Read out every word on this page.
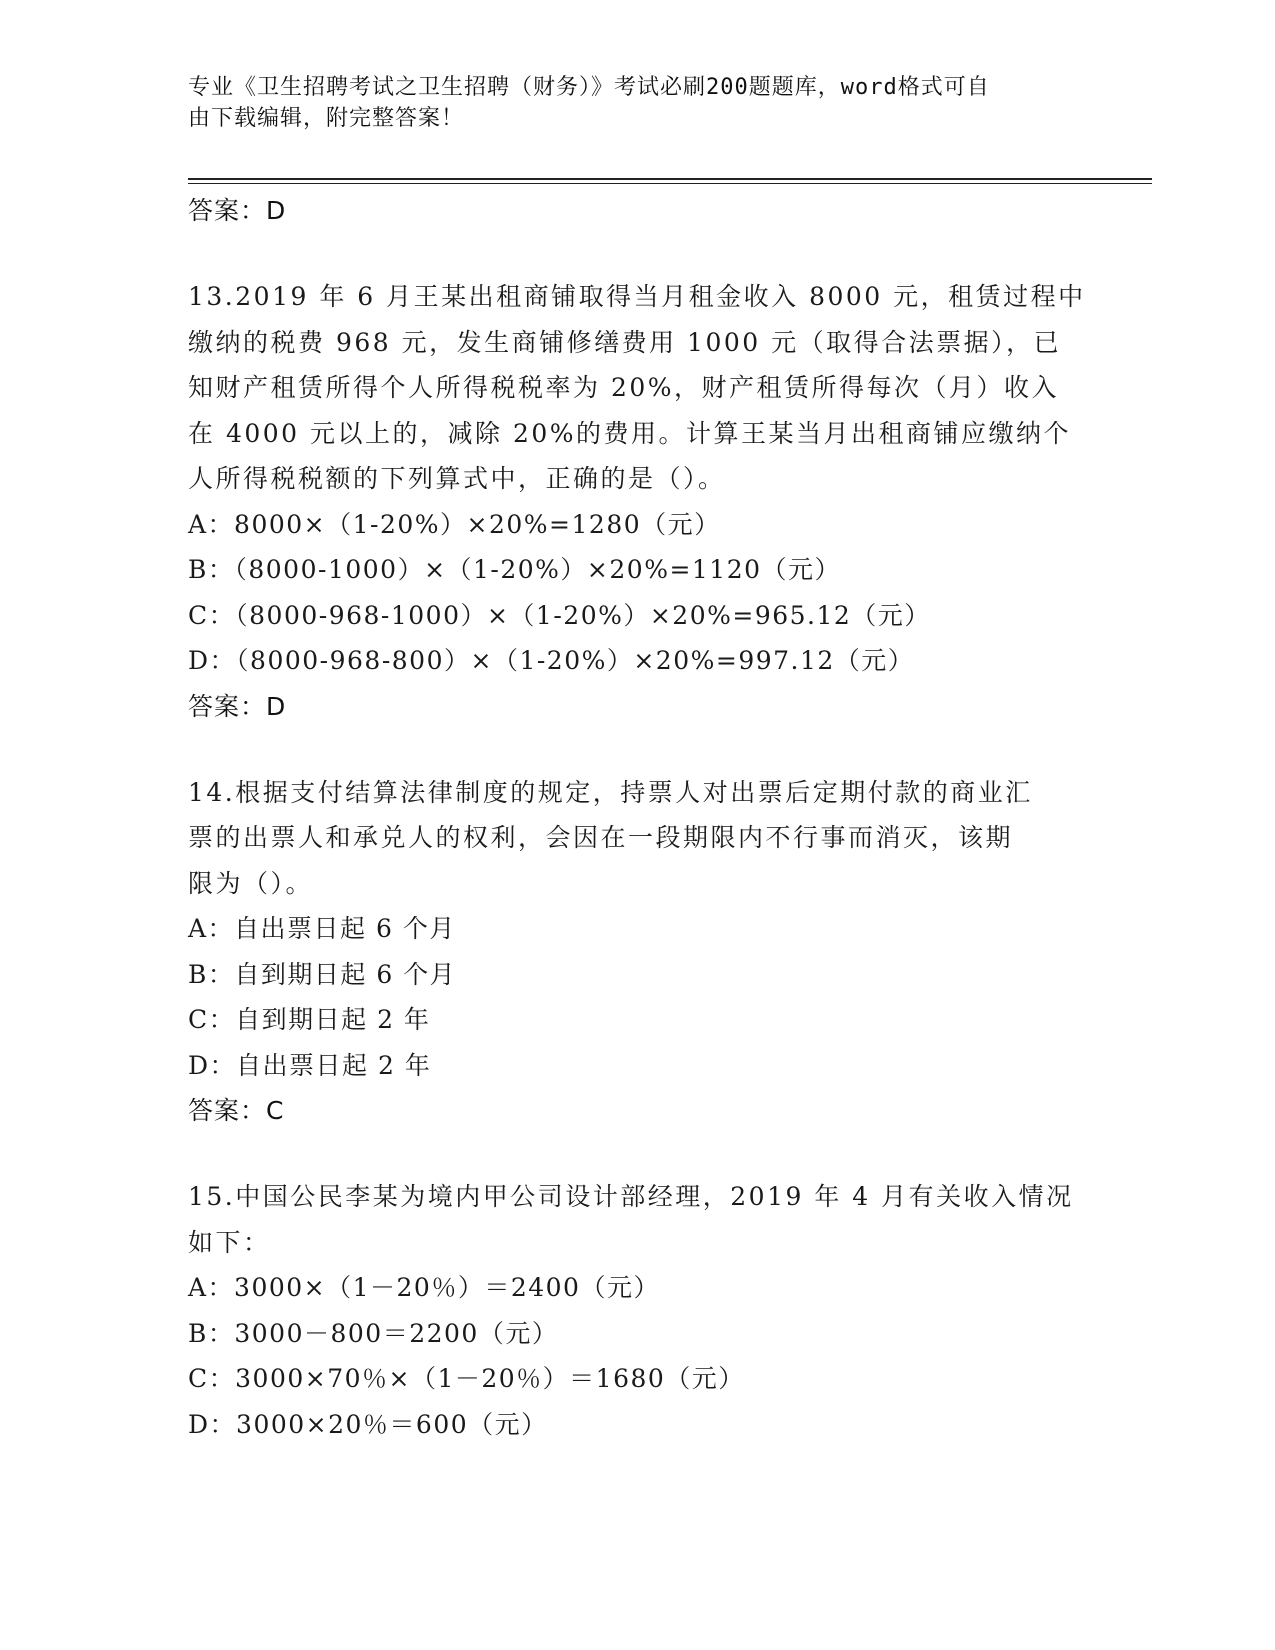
专业《卫生招聘考试之卫生招聘（财务）》考试必刷200题题库，word格式可自
由下载编辑，附完整答案！

答案：D

13.2019 年 6 月王某出租商铺取得当月租金收入 8000 元，租赁过程中

缴纳的税费 968 元，发生商铺修缮费用 1000 元（取得合法票据），已

知财产租赁所得个人所得税税率为 20%，财产租赁所得每次（月）收入

在 4000 元以上的，减除 20%的费用。计算王某当月出租商铺应缴纳个

人所得税税额的下列算式中，正确的是（）。

A：8000×（1-20%）×20%=1280（元）

B：（8000-1000）×（1-20%）×20%=1120（元）

C：（8000-968-1000）×（1-20%）×20%=965.12（元）

D：（8000-968-800）×（1-20%）×20%=997.12（元）

答案：D

14.根据支付结算法律制度的规定，持票人对出票后定期付款的商业汇

票的出票人和承兑人的权利，会因在一段期限内不行事而消灭，该期

限为（）。

A：自出票日起 6 个月

B：自到期日起 6 个月

C：自到期日起 2 年

D：自出票日起 2 年

答案：C

15.中国公民李某为境内甲公司设计部经理，2019 年 4 月有关收入情况

如下：

A：3000×（1－20％）＝2400（元）

B：3000－800＝2200（元）

C：3000×70％×（1－20％）＝1680（元）

D：3000×20％＝600（元）
